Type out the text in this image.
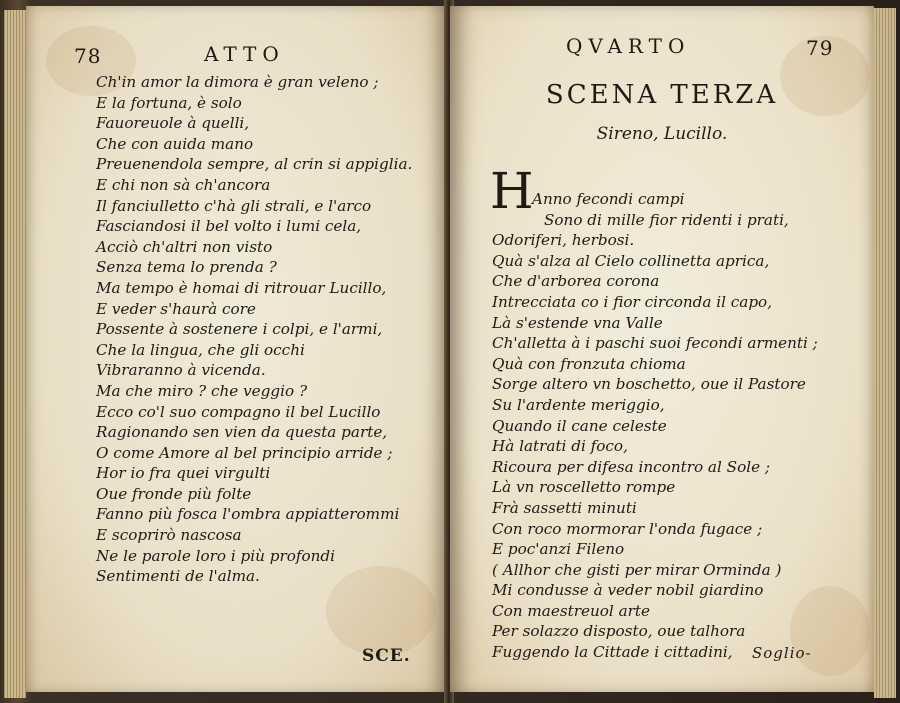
78	ATTO
Ch'in amor la dimora è gran veleno ;
E la fortuna, è solo
Fauoreuole à quelli,
Che con auida mano
Preuenendola sempre, al crin si appiglia.
E chi non sà ch'ancora
Il fanciulletto c'hà gli strali, e l'arco
Fasciandosi il bel volto i lumi cela,
Acciò ch'altri non visto
Senza tema lo prenda ?
Ma tempo è homai di ritrouar Lucillo,
E veder s'haurà core
Possente à sostenere i colpi, e l'armi,
Che la lingua, che gli occhi
Vibraranno à vicenda.
Ma che miro ? che veggio ?
Ecco co'l suo compagno il bel Lucillo
Ragionando sen vien da questa parte,
O come Amore al bel principio arride ;
Hor io fra quei virgulti
Oue fronde più folte
Fanno più fosca l'ombra appiatterommi
E scoprirò nascosa
Ne le parole loro i più profondi
Sentimenti de l'alma.
SCE.
QVARTO	79
SCENA TERZA
Sireno, Lucillo.
H
Anno fecondi campi
Sono di mille fior ridenti i prati,
Odoriferi, herbosi.
Quà s'alza al Cielo collinetta aprica,
Che d'arborea corona
Intrecciata co i fior circonda il capo,
Là s'estende vna Valle
Ch'alletta à i paschi suoi fecondi armenti ;
Quà con fronzuta chioma
Sorge altero vn boschetto, oue il Pastore
Su l'ardente meriggio,
Quando il cane celeste
Hà latrati di foco,
Ricoura per difesa incontro al Sole ;
Là vn roscelletto rompe
Frà sassetti minuti
Con roco mormorar l'onda fugace ;
E poc'anzi Fileno
( Allhor che gisti per mirar Orminda )
Mi condusse à veder nobil giardino
Con maestreuol arte
Per solazzo disposto, oue talhora
Fuggendo la Cittade i cittadini,	Soglio-
